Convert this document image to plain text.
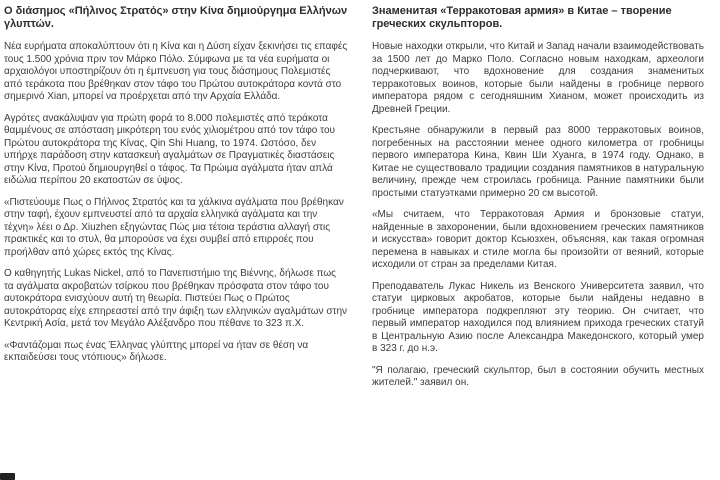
Ο διάσημος «Πήλινος Στρατός» στην Κίνα δημιούργημα Ελλήνων γλυπτών.

Νέα ευρήματα αποκαλύπτουν ότι η Κίνα και η Δύση είχαν ξεκινήσει τις επαφές τους 1.500 χρόνια πριν τον Μάρκο Πόλο. Σύμφωνα με τα νέα ευρήματα οι αρχαιολόγοι υποστηρίζουν ότι η έμπνευση για τους διάσημους Πολεμιστές από τεράκοτα που βρέθηκαν στον τάφο του Πρώτου αυτοκράτορα κοντά στο σημερινό Xian, μπορεί να προέρχεται από την Αρχαία Ελλάδα.

Αγρότες ανακάλυψαν για πρώτη φορά το 8.000 πολεμιστές από τεράκοτα θαμμένους σε απόσταση μικρότερη του ενός χιλιομέτρου από τον τάφο του Πρώτου αυτοκράτορα της Κίνας, Qin Shi Huang, το 1974. Ωστόσο, δεν υπήρχε παράδοση στην κατασκευή αγαλμάτων σε Πραγματικές διαστάσεις στην Κίνα, Προτού δημιουργηθεί ο τάφος. Τα Πρώιμα αγάλματα ήταν απλά ειδώλια περίπου 20 εκατοστών σε ύψος.

«Πιστεύουμε Πως ο Πήλινος Στρατός και τα χάλκινα αγάλματα που βρέθηκαν στην ταφή, έχουν εμπνευστεί από τα αρχαία ελληνικά αγάλματα και την τέχνη» λέει ο Δρ. Xiuzhen εξηγώντας Πώς μια τέτοια τεράστια αλλαγή στις πρακτικές και το στυλ, θα μπορούσε να έχει συμβεί από επιρροές που προήλθαν από χώρες εκτός της Κίνας.

Ο καθηγητής Lukas Nickel, από το Πανεπιστήμιο της Βιέννης, δήλωσε πως τα αγάλματα ακροβατών τσίρκου που βρέθηκαν πρόσφατα στον τάφο του αυτοκράτορα ενισχύουν αυτή τη θεωρία. Πιστεύει Πως ο Πρώτος αυτοκράτορας είχε επηρεαστεί από την άφιξη των ελληνικών αγαλμάτων στην Κεντρική Ασία, μετά τον Μεγάλο Αλέξανδρο που πέθανε το 323 π.Χ.

«Φαντάζομαι πως ένας Έλληνας γλύπτης μπορεί να ήταν σε θέση να εκπαιδεύσει τους ντόπιους» δήλωσε.

Знаменитая «Терракотовая армия» в Китае – творение греческих скульпторов.

Новые находки открыли, что Китай и Запад начали взаимодействовать за 1500 лет до Марко Поло. Согласно новым находкам, археологи подчеркивают, что вдохновение для создания знаменитых терракотовых воинов, которые были найдены в гробнице первого императора рядом с сегодняшним Хианом, может происходить из Древней Греции.

Крестьяне обнаружили в первый раз 8000 терракотовых воинов, погребенных на расстоянии менее одного километра от гробницы первого императора Кина, Квин Ши Хуанга, в 1974 году. Однако, в Китае не существовало традиции создания памятников в натуральную величину, прежде чем строилась гробница. Ранние памятники были простыми статуэтками примерно 20 см высотой.

«Мы считаем, что Терракотовая Армия и бронзовые статуи, найденные в захоронении, были вдохновением греческих памятников и искусства» говорит доктор Ксьюзхен, объясняя, как такая огромная перемена в навыках и стиле могла бы произойти от веяний, которые исходили от стран за пределами Китая.

Преподаватель Лукас Никель из Венского Университета заявил, что статуи цирковых акробатов, которые были найдены недавно в гробнице императора подкрепляют эту теорию. Он считает, что первый император находился под влиянием прихода греческих статуй в Центральную Азию после Александра Македонского, который умер в 323 г. до н.э.

"Я полагаю, греческий скульптор, был в состоянии обучить местных жителей." заявил он.
